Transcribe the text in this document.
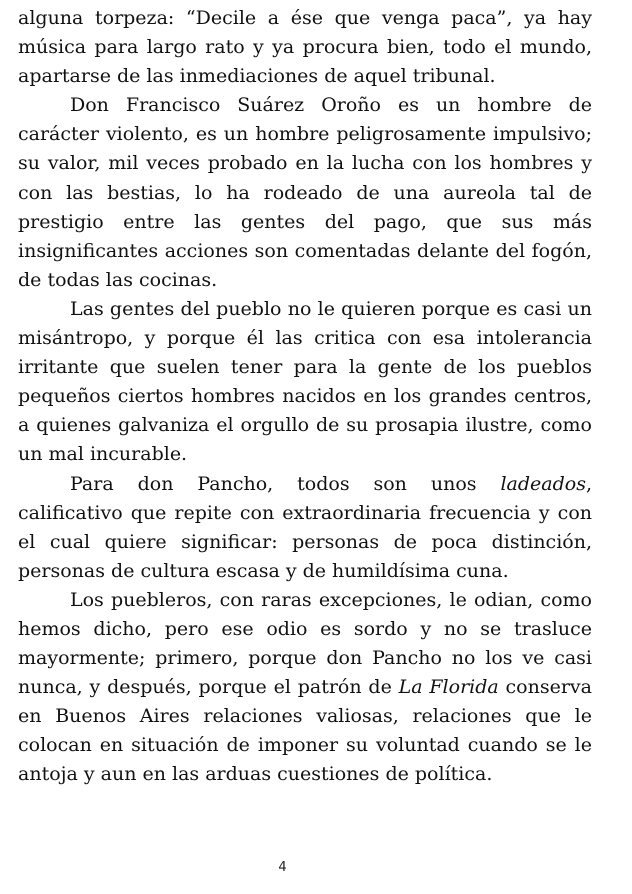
alguna torpeza: “Decile a ése que venga paca”, ya hay música para largo rato y ya procura bien, todo el mundo, apartarse de las inmediaciones de aquel tribunal.

Don Francisco Suárez Oroño es un hombre de carácter violento, es un hombre peligrosamente impulsivo; su valor, mil veces probado en la lucha con los hombres y con las bestias, lo ha rodeado de una aureola tal de prestigio entre las gentes del pago, que sus más insignificantes acciones son comentadas delante del fogón, de todas las cocinas.

Las gentes del pueblo no le quieren porque es casi un misántropo, y porque él las critica con esa intolerancia irritante que suelen tener para la gente de los pueblos pequeños ciertos hombres nacidos en los grandes centros, a quienes galvaniza el orgullo de su prosapia ilustre, como un mal incurable.

Para don Pancho, todos son unos ladeados, calificativo que repite con extraordinaria frecuencia y con el cual quiere significar: personas de poca distinción, personas de cultura escasa y de humildísima cuna.

Los puebleros, con raras excepciones, le odian, como hemos dicho, pero ese odio es sordo y no se trasluce mayormente; primero, porque don Pancho no los ve casi nunca, y después, porque el patrón de La Florida conserva en Buenos Aires relaciones valiosas, relaciones que le colocan en situación de imponer su voluntad cuando se le antoja y aun en las arduas cuestiones de política.

4
